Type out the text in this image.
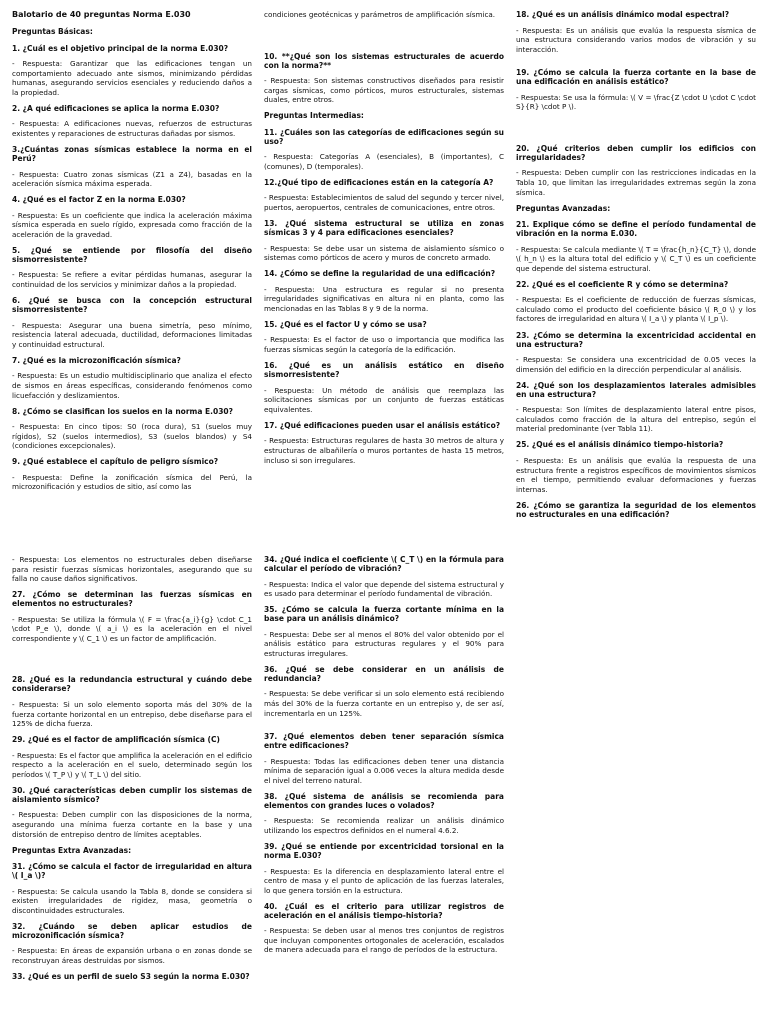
Balotario de 40 preguntas Norma E.030

Preguntas Básicas:

1. ¿Cuál es el objetivo principal de la norma E.030?

- Respuesta: Garantizar que las edificaciones tengan un comportamiento adecuado ante sismos, minimizando pérdidas humanas, asegurando servicios esenciales y reduciendo daños a la propiedad.

2. ¿A qué edificaciones se aplica la norma E.030?

- Respuesta: A edificaciones nuevas, refuerzos de estructuras existentes y reparaciones de estructuras dañadas por sismos.

3.¿Cuántas zonas sísmicas establece la norma en el Perú?

- Respuesta: Cuatro zonas sísmicas (Z1 a Z4), basadas en la aceleración sísmica máxima esperada.

4. ¿Qué es el factor Z en la norma E.030?

- Respuesta: Es un coeficiente que indica la aceleración máxima sísmica esperada en suelo rígido, expresada como fracción de la aceleración de la gravedad.

5. ¿Qué se entiende por filosofía del diseño sismorresistente?

- Respuesta: Se refiere a evitar pérdidas humanas, asegurar la continuidad de los servicios y minimizar daños a la propiedad.

6. ¿Qué se busca con la concepción estructural sismorresistente?

- Respuesta: Asegurar una buena simetría, peso mínimo, resistencia lateral adecuada, ductilidad, deformaciones limitadas y continuidad estructural.

7. ¿Qué es la microzonificación sísmica?

- Respuesta: Es un estudio multidisciplinario que analiza el efecto de sismos en áreas específicas, considerando fenómenos como licuefacción y deslizamientos.

8. ¿Cómo se clasifican los suelos en la norma E.030?

- Respuesta: En cinco tipos: S0 (roca dura), S1 (suelos muy rígidos), S2 (suelos intermedios), S3 (suelos blandos) y S4 (condiciones excepcionales).

9. ¿Qué establece el capítulo de peligro sísmico?

- Respuesta: Define la zonificación sísmica del Perú, la microzonificación y estudios de sitio, así como las

condiciones geotécnicas y parámetros de amplificación sísmica.

10. **¿Qué son los sistemas estructurales de acuerdo con la norma?**

- Respuesta: Son sistemas constructivos diseñados para resistir cargas sísmicas, como pórticos, muros estructurales, sistemas duales, entre otros.

Preguntas Intermedias:

11. ¿Cuáles son las categorías de edificaciones según su uso?

- Respuesta: Categorías A (esenciales), B (importantes), C (comunes), D (temporales).

12.¿Qué tipo de edificaciones están en la categoría A?

- Respuesta: Establecimientos de salud del segundo y tercer nivel, puertos, aeropuertos, centrales de comunicaciones, entre otros.

13. ¿Qué sistema estructural se utiliza en zonas sísmicas 3 y 4 para edificaciones esenciales?

- Respuesta: Se debe usar un sistema de aislamiento sísmico o sistemas como pórticos de acero y muros de concreto armado.

14. ¿Cómo se define la regularidad de una edificación?

- Respuesta: Una estructura es regular si no presenta irregularidades significativas en altura ni en planta, como las mencionadas en las Tablas 8 y 9 de la norma.

15. ¿Qué es el factor U y cómo se usa?

- Respuesta: Es el factor de uso o importancia que modifica las fuerzas sísmicas según la categoría de la edificación.

16. ¿Qué es un análisis estático en diseño sismorresistente?

- Respuesta: Un método de análisis que reemplaza las solicitaciones sísmicas por un conjunto de fuerzas estáticas equivalentes.

17. ¿Qué edificaciones pueden usar el análisis estático?

- Respuesta: Estructuras regulares de hasta 30 metros de altura y estructuras de albañilería o muros portantes de hasta 15 metros, incluso si son irregulares.

18. ¿Qué es un análisis dinámico modal espectral?

- Respuesta: Es un análisis que evalúa la respuesta sísmica de una estructura considerando varios modos de vibración y su interacción.

19. ¿Cómo se calcula la fuerza cortante en la base de una edificación en análisis estático?

- Respuesta: Se usa la fórmula: \( V = \frac{Z \cdot U \cdot C \cdot S}{R} \cdot P \).

20. ¿Qué criterios deben cumplir los edificios con irregularidades?

- Respuesta: Deben cumplir con las restricciones indicadas en la Tabla 10, que limitan las irregularidades extremas según la zona sísmica.

Preguntas Avanzadas:

21. Explique cómo se define el período fundamental de vibración en la norma E.030.

- Respuesta: Se calcula mediante \( T = \frac{h_n}{C_T} \), donde \( h_n \) es la altura total del edificio y \( C_T \) es un coeficiente que depende del sistema estructural.

22. ¿Qué es el coeficiente R y cómo se determina?

- Respuesta: Es el coeficiente de reducción de fuerzas sísmicas, calculado como el producto del coeficiente básico \( R_0 \) y los factores de irregularidad en altura \( I_a \) y planta \( I_p \).

23. ¿Cómo se determina la excentricidad accidental en una estructura?

- Respuesta: Se considera una excentricidad de 0.05 veces la dimensión del edificio en la dirección perpendicular al análisis.

24. ¿Qué son los desplazamientos laterales admisibles en una estructura?

- Respuesta: Son límites de desplazamiento lateral entre pisos, calculados como fracción de la altura del entrepiso, según el material predominante (ver Tabla 11).

25. ¿Qué es el análisis dinámico tiempo-historia?

- Respuesta: Es un análisis que evalúa la respuesta de una estructura frente a registros específicos de movimientos sísmicos en el tiempo, permitiendo evaluar deformaciones y fuerzas internas.

26. ¿Cómo se garantiza la seguridad de los elementos no estructurales en una edificación?

- Respuesta: Los elementos no estructurales deben diseñarse para resistir fuerzas sísmicas horizontales, asegurando que su falla no cause daños significativos.

27. ¿Cómo se determinan las fuerzas sísmicas en elementos no estructurales?

- Respuesta: Se utiliza la fórmula \( F = \frac{a_i}{g} \cdot C_1 \cdot P_e \), donde \( a_i \) es la aceleración en el nivel correspondiente y \( C_1 \) es un factor de amplificación.

28. ¿Qué es la redundancia estructural y cuándo debe considerarse?

- Respuesta: Si un solo elemento soporta más del 30% de la fuerza cortante horizontal en un entrepiso, debe diseñarse para el 125% de dicha fuerza.

29. ¿Qué es el factor de amplificación sísmica (C)

- Respuesta: Es el factor que amplifica la aceleración en el edificio respecto a la aceleración en el suelo, determinado según los períodos \( T_P \) y \( T_L \) del sitio.

30. ¿Qué características deben cumplir los sistemas de aislamiento sísmico?

- Respuesta: Deben cumplir con las disposiciones de la norma, asegurando una mínima fuerza cortante en la base y una distorsión de entrepiso dentro de límites aceptables.

Preguntas Extra Avanzadas:

31. ¿Cómo se calcula el factor de irregularidad en altura \( I_a \)?

- Respuesta: Se calcula usando la Tabla 8, donde se considera si existen irregularidades de rigidez, masa, geometría o discontinuidades estructurales.

32. ¿Cuándo se deben aplicar estudios de microzonificación sísmica?

- Respuesta: En áreas de expansión urbana o en zonas donde se reconstruyan áreas destruidas por sismos.

33. ¿Qué es un perfil de suelo S3 según la norma E.030?

34. ¿Qué indica el coeficiente \( C_T \) en la fórmula para calcular el período de vibración?

- Respuesta: Indica el valor que depende del sistema estructural y es usado para determinar el período fundamental de vibración.

35. ¿Cómo se calcula la fuerza cortante mínima en la base para un análisis dinámico?

- Respuesta: Debe ser al menos el 80% del valor obtenido por el análisis estático para estructuras regulares y el 90% para estructuras irregulares.

36. ¿Qué se debe considerar en un análisis de redundancia?

- Respuesta: Se debe verificar si un solo elemento está recibiendo más del 30% de la fuerza cortante en un entrepiso y, de ser así, incrementarla en un 125%.

37. ¿Qué elementos deben tener separación sísmica entre edificaciones?

- Respuesta: Todas las edificaciones deben tener una distancia mínima de separación igual a 0.006 veces la altura medida desde el nivel del terreno natural.

38. ¿Qué sistema de análisis se recomienda para elementos con grandes luces o volados?

- Respuesta: Se recomienda realizar un análisis dinámico utilizando los espectros definidos en el numeral 4.6.2.

39. ¿Qué se entiende por excentricidad torsional en la norma E.030?

- Respuesta: Es la diferencia en desplazamiento lateral entre el centro de masa y el punto de aplicación de las fuerzas laterales, lo que genera torsión en la estructura.

40. ¿Cuál es el criterio para utilizar registros de aceleración en el análisis tiempo-historia?

- Respuesta: Se deben usar al menos tres conjuntos de registros que incluyan componentes ortogonales de aceleración, escalados de manera adecuada para el rango de períodos de la estructura.
